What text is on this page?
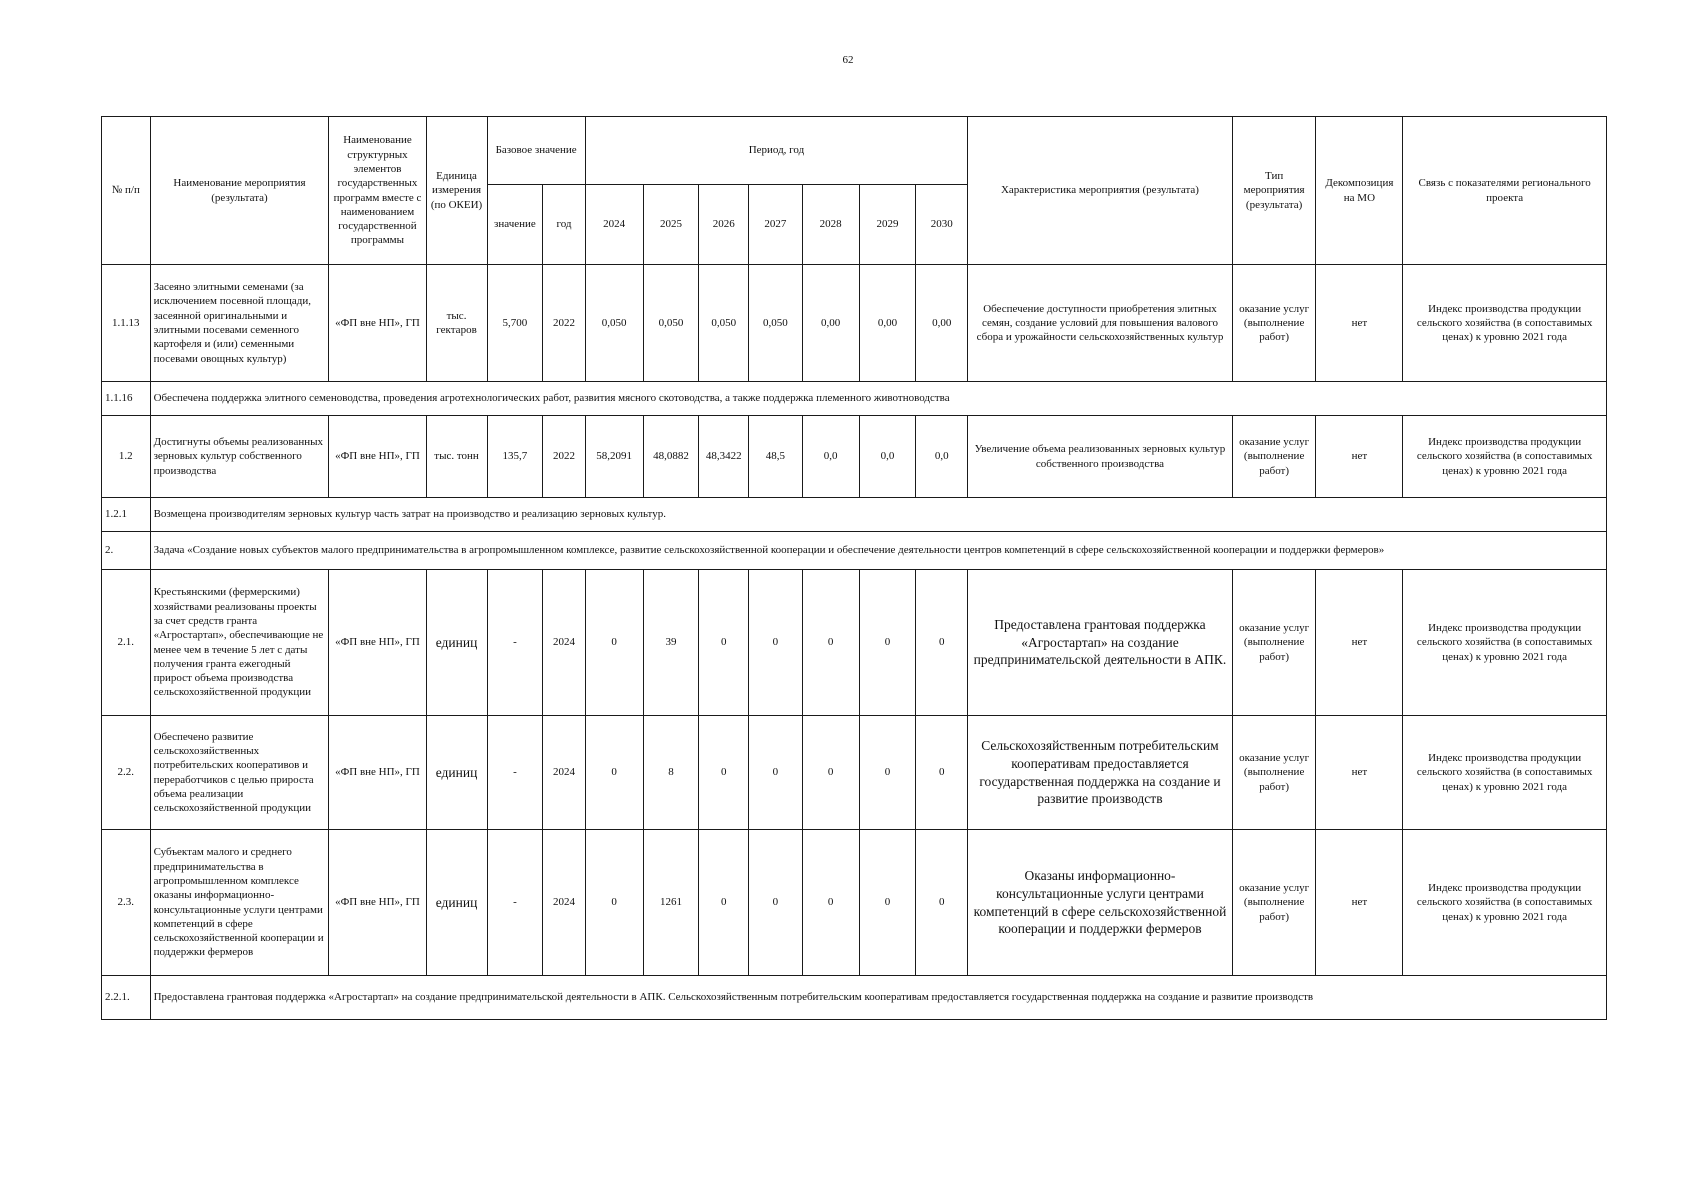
62
№ п/п	Наименование мероприятия (результата)	Наименование структурных элементов государственных программ вместе с наименованием государственной программы	Единица измерения (по ОКЕИ)	Базовое значение		Период, год							Характеристика мероприятия (результата)	Тип мероприятия (результата)	Декомпозиция на МО	Связь с показателями регионального проекта
				значение	год	2024	2025	2026	2027	2028	2029	2030				
1.1.13	Засеяно элитными семенами (за исключением посевной площади, засеянной оригинальными и элитными посевами семенного картофеля и (или) семенными посевами овощных культур)	«ФП вне НП», ГП	тыс. гектаров	5,700	2022	0,050	0,050	0,050	0,050	0,00	0,00	0,00	Обеспечение доступности приобретения элитных семян, создание условий для повышения валового сбора и урожайности сельскохозяйственных культур	оказание услуг (выполнение работ)	нет	Индекс производства продукции сельского хозяйства (в сопоставимых ценах) к уровню 2021 года
1.1.16	Обеспечена поддержка элитного семеноводства, проведения агротехнологических работ, развития мясного скотоводства, а также поддержка племенного животноводства															
1.2	Достигнуты объемы реализованных зерновых культур собственного производства	«ФП вне НП», ГП	тыс. тонн	135,7	2022	58,2091	48,0882	48,3422	48,5	0,0	0,0	0,0	Увеличение объема реализованных зерновых культур собственного производства	оказание услуг (выполнение работ)	нет	Индекс производства продукции сельского хозяйства (в сопоставимых ценах) к уровню 2021 года
1.2.1	Возмещена производителям зерновых культур часть затрат на производство и реализацию зерновых культур.															
2.	Задача «Создание новых субъектов малого предпринимательства в агропромышленном комплексе, развитие сельскохозяйственной кооперации и обеспечение деятельности центров компетенций в сфере сельскохозяйственной кооперации и поддержки фермеров»															
2.1.	Крестьянскими (фермерскими) хозяйствами реализованы проекты за счет средств гранта «Агростартап», обеспечивающие не менее чем в течение 5 лет с даты получения гранта ежегодный прирост объема производства сельскохозяйственной продукции	«ФП вне НП», ГП	единиц	-	2024	0	39	0	0	0	0	0	Предоставлена грантовая поддержка «Агростартап» на создание предпринимательской деятельности в АПК.	оказание услуг (выполнение работ)	нет	Индекс производства продукции сельского хозяйства (в сопоставимых ценах) к уровню 2021 года
2.2.	Обеспечено развитие сельскохозяйственных потребительских кооперативов и переработчиков с целью прироста объема реализации сельскохозяйственной продукции	«ФП вне НП», ГП	единиц	-	2024	0	8	0	0	0	0	0	Сельскохозяйственным потребительским кооперативам предоставляется государственная поддержка на создание и развитие производств	оказание услуг (выполнение работ)	нет	Индекс производства продукции сельского хозяйства (в сопоставимых ценах) к уровню 2021 года
2.3.	Субъектам малого и среднего предпринимательства в агропромышленном комплексе оказаны информационно-консультационные услуги центрами компетенций в сфере сельскохозяйственной кооперации и поддержки фермеров	«ФП вне НП», ГП	единиц	-	2024	0	1261	0	0	0	0	0	Оказаны информационно-консультационные услуги центрами компетенций в сфере сельскохозяйственной кооперации и поддержки фермеров	оказание услуг (выполнение работ)	нет	Индекс производства продукции сельского хозяйства (в сопоставимых ценах) к уровню 2021 года
2.2.1.	Предоставлена грантовая поддержка «Агростартап» на создание предпринимательской деятельности в АПК. Сельскохозяйственным потребительским кооперативам предоставляется государственная поддержка на создание и развитие производств															
